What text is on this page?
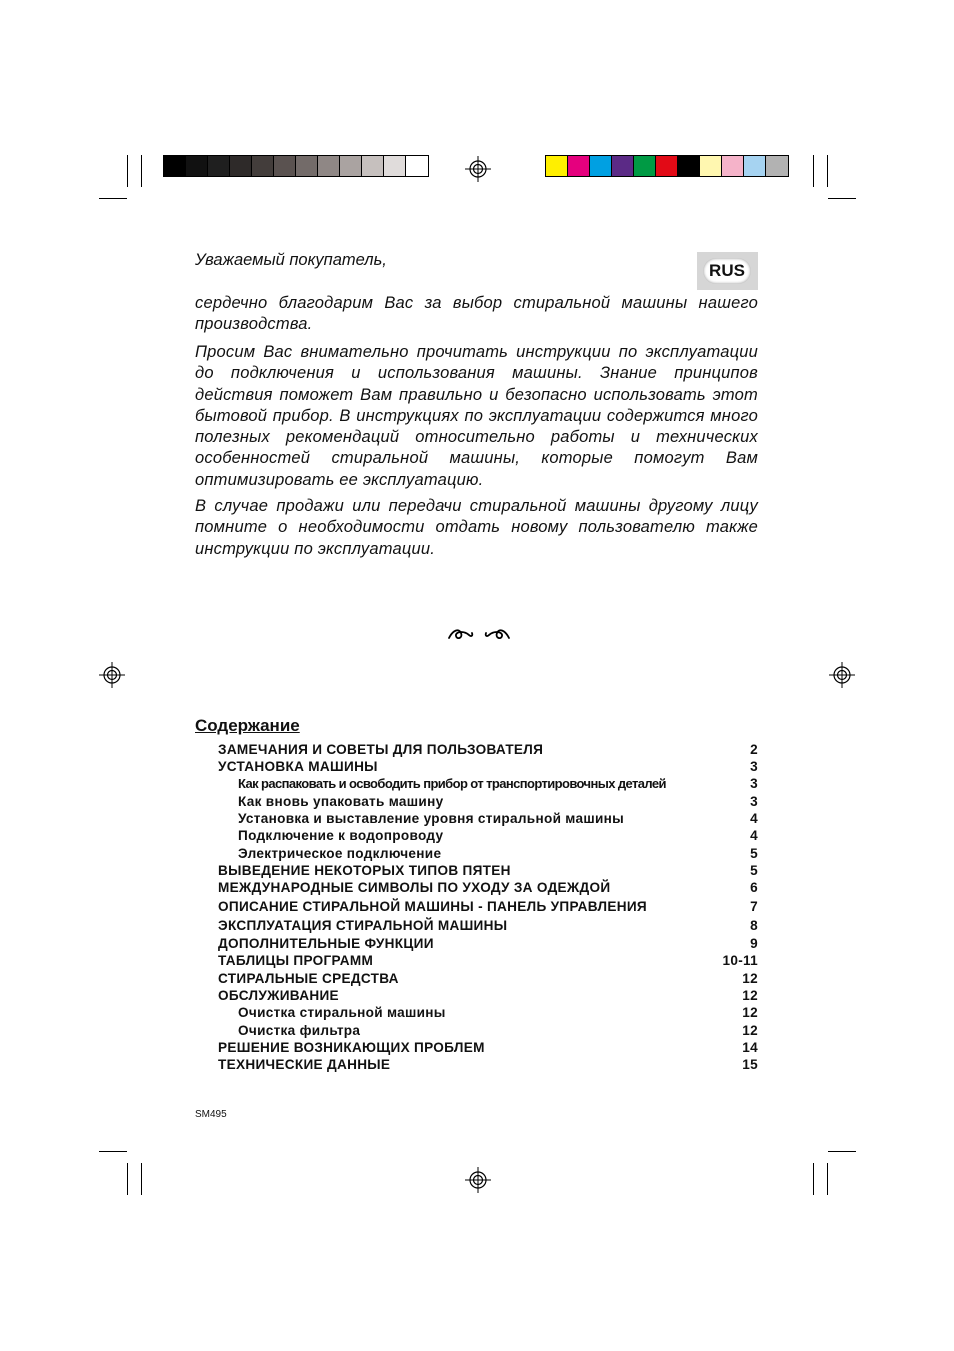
Уважаемый покупатель,
RUS
сердечно благодарим Вас за выбор стиральной машины нашего производства.
Просим Вас внимательно прочитать инструкции по эксплуатации до подключения и использования машины. Знание принципов действия поможет Вам правильно и безопасно использовать этот бытовой прибор. В инструкциях по эксплуатации содержится много полезных рекомендаций относительно работы и технических особенностей стиральной машины, которые помогут Вам оптимизировать ее эксплуатацию.
В случае продажи или передачи стиральной машины другому лицу помните о необходимости отдать новому пользователю также инструкции по эксплуатации.
Содержание
ЗАМЕЧАНИЯ И СОВЕТЫ ДЛЯ ПОЛЬЗОВАТЕЛЯ	2
УСТАНОВКА МАШИНЫ	3
Как распаковать и освободить прибор от транспортировочных деталей	3
Как вновь упаковать машину	3
Установка и выставление уровня стиральной машины	4
Подключение к водопроводу	4
Электрическое подключение	5
ВЫВЕДЕНИЕ НЕКОТОРЫХ ТИПОВ ПЯТЕН	5
МЕЖДУНАРОДНЫЕ СИМВОЛЫ ПО УХОДУ ЗА ОДЕЖДОЙ	6
ОПИСАНИЕ СТИРАЛЬНОЙ МАШИНЫ - ПАНЕЛЬ УПРАВЛЕНИЯ	7
ЭКСПЛУАТАЦИЯ СТИРАЛЬНОЙ МАШИНЫ	8
ДОПОЛНИТЕЛЬНЫЕ ФУНКЦИИ	9
ТАБЛИЦЫ ПРОГРАММ	10-11
СТИРАЛЬНЫЕ СРЕДСТВА	12
ОБСЛУЖИВАНИЕ	12
Очистка стиральной машины	12
Очистка фильтра	12
РЕШЕНИЕ ВОЗНИКАЮЩИХ ПРОБЛЕМ	14
ТЕХНИЧЕСКИЕ ДАННЫЕ	15
SM495
